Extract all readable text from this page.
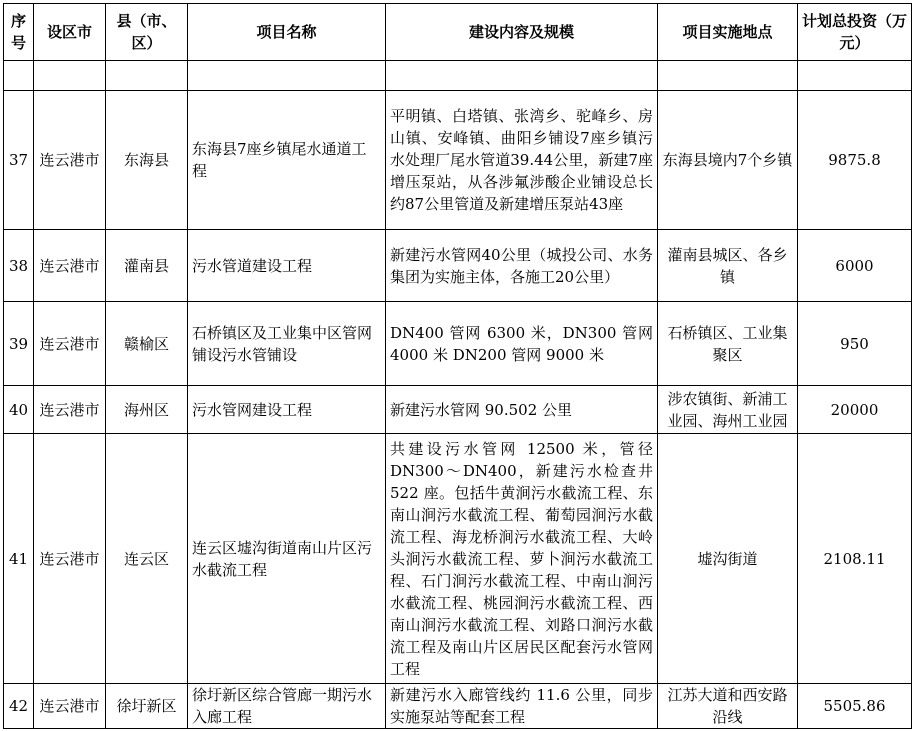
序号	设区市	县（市、区）	项目名称	建设内容及规模	项目实施地点	计划总投资（万元）

37	连云港市	东海县	东海县7座乡镇尾水通道工程	平明镇、白塔镇、张湾乡、驼峰乡、房山镇、安峰镇、曲阳乡铺设7座乡镇污水处理厂尾水管道39.44公里，新建7座增压泵站，从各涉氟涉酸企业铺设总长约87公里管道及新建增压泵站43座	东海县境内7个乡镇	9875.8
38	连云港市	灌南县	污水管道建设工程	新建污水管网40公里（城投公司、水务集团为实施主体，各施工20公里）	灌南县城区、各乡镇	6000
39	连云港市	赣榆区	石桥镇区及工业集中区管网铺设污水管铺设	DN400 管网 6300 米，DN300 管网 4000 米 DN200 管网 9000 米	石桥镇区、工业集聚区	950
40	连云港市	海州区	污水管网建设工程	新建污水管网 90.502 公里	涉农镇街、新浦工业园、海州工业园	20000
41	连云港市	连云区	连云区墟沟街道南山片区污水截流工程	共建设污水管网 12500 米，管径 DN300～DN400，新建污水检查井 522 座。包括牛黄涧污水截流工程、东南山涧污水截流工程、葡萄园涧污水截流工程、海龙桥涧污水截流工程、大岭头涧污水截流工程、萝卜涧污水截流工程、石门涧污水截流工程、中南山涧污水截流工程、桃园涧污水截流工程、西南山涧污水截流工程、刘路口涧污水截流工程及南山片区居民区配套污水管网工程	墟沟街道	2108.11
42	连云港市	徐圩新区	徐圩新区综合管廊一期污水入廊工程	新建污水入廊管线约 11.6 公里，同步实施泵站等配套工程	江苏大道和西安路沿线	5505.86
